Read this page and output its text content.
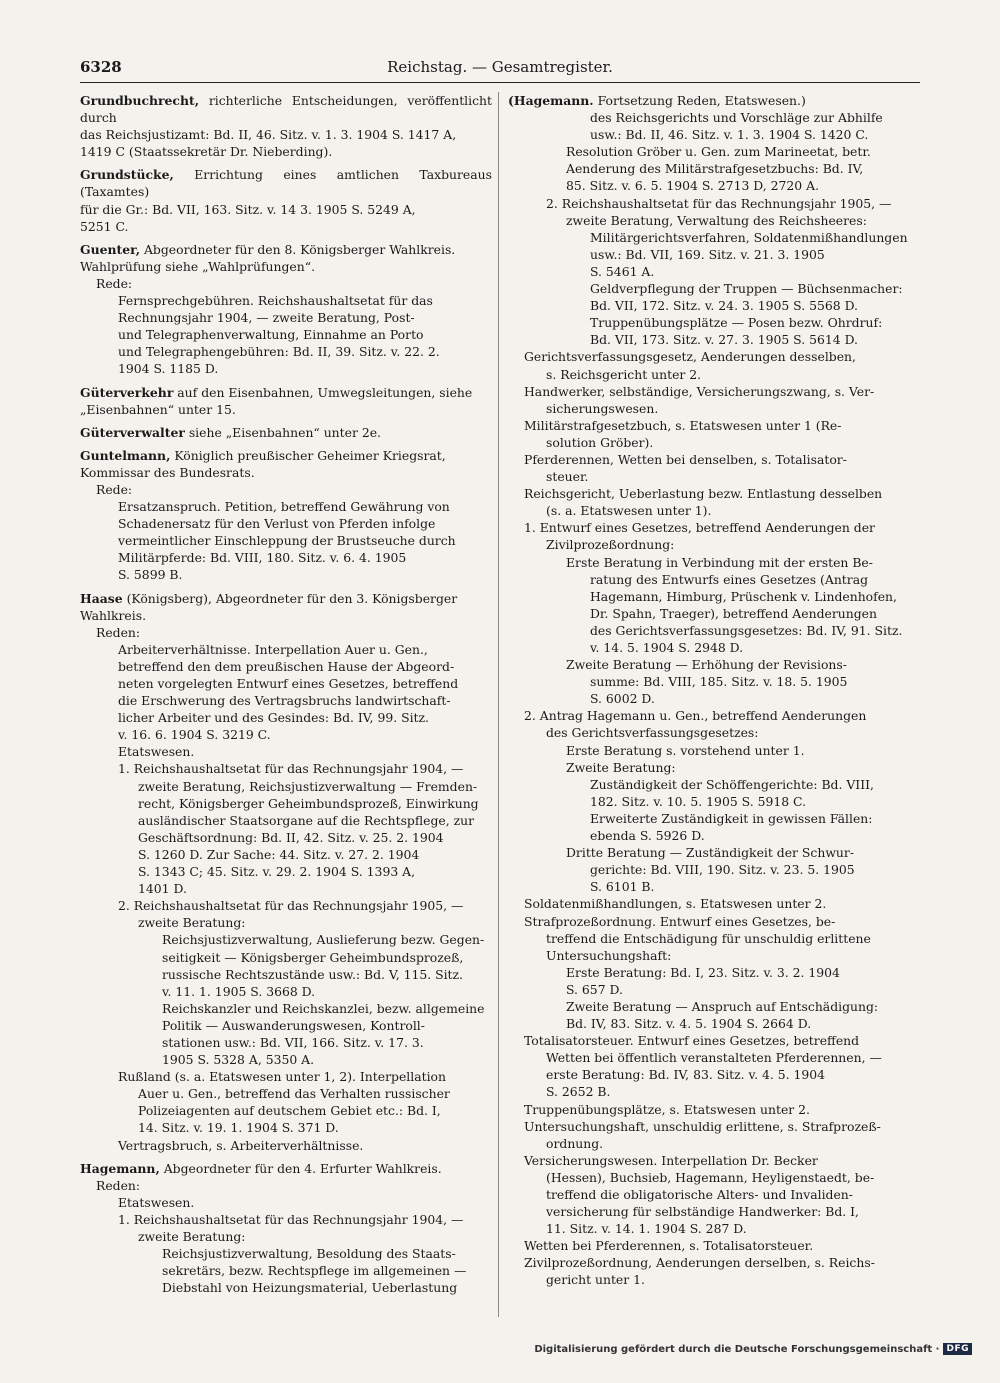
6328	Reichstag. — Gesamtregister.
Grundbuchrecht, richterliche Entscheidungen, veröffentlicht durch
das Reichsjustizamt: Bd. II, 46. Sitz. v. 1. 3. 1904 S. 1417 A,
1419 C (Staatssekretär Dr. Nieberding).
Grundstücke, Errichtung eines amtlichen Taxbureaus (Taxamtes)
für die Gr.: Bd. VII, 163. Sitz. v. 14 3. 1905 S. 5249 A,
5251 C.
Guenter, Abgeordneter für den 8. Königsberger Wahlkreis.
Wahlprüfung siehe „Wahlprüfungen“.
Rede:
Fernsprechgebühren. Reichshaushaltsetat für das
Rechnungsjahr 1904, — zweite Beratung, Post-
und Telegraphenverwaltung, Einnahme an Porto
und Telegraphengebühren: Bd. II, 39. Sitz. v. 22. 2.
1904 S. 1185 D.
Güterverkehr auf den Eisenbahnen, Umwegsleitungen, siehe
„Eisenbahnen“ unter 15.
Güterverwalter siehe „Eisenbahnen“ unter 2e.
Guntelmann, Königlich preußischer Geheimer Kriegsrat,
Kommissar des Bundesrats.
Rede:
Ersatzanspruch. Petition, betreffend Gewährung von
Schadenersatz für den Verlust von Pferden infolge
vermeintlicher Einschleppung der Brustseuche durch
Militärpferde: Bd. VIII, 180. Sitz. v. 6. 4. 1905
S. 5899 B.
Haase (Königsberg), Abgeordneter für den 3. Königsberger
Wahlkreis.
Reden:
Arbeiterverhältnisse. Interpellation Auer u. Gen.,
betreffend den dem preußischen Hause der Abgeord-
neten vorgelegten Entwurf eines Gesetzes, betreffend
die Erschwerung des Vertragsbruchs landwirtschaft-
licher Arbeiter und des Gesindes: Bd. IV, 99. Sitz.
v. 16. 6. 1904 S. 3219 C.
Etatswesen.
1. Reichshaushaltsetat für das Rechnungsjahr 1904, —
zweite Beratung, Reichsjustizverwaltung — Fremden-
recht, Königsberger Geheimbundsprozeß, Einwirkung
ausländischer Staatsorgane auf die Rechtspflege, zur
Geschäftsordnung: Bd. II, 42. Sitz. v. 25. 2. 1904
S. 1260 D. Zur Sache: 44. Sitz. v. 27. 2. 1904
S. 1343 C; 45. Sitz. v. 29. 2. 1904 S. 1393 A,
1401 D.
2. Reichshaushaltsetat für das Rechnungsjahr 1905, —
zweite Beratung:
Reichsjustizverwaltung, Auslieferung bezw. Gegen-
seitigkeit — Königsberger Geheimbundsprozeß,
russische Rechtszustände usw.: Bd. V, 115. Sitz.
v. 11. 1. 1905 S. 3668 D.
Reichskanzler und Reichskanzlei, bezw. allgemeine
Politik — Auswanderungswesen, Kontroll-
stationen usw.: Bd. VII, 166. Sitz. v. 17. 3.
1905 S. 5328 A, 5350 A.
Rußland (s. a. Etatswesen unter 1, 2). Interpellation
Auer u. Gen., betreffend das Verhalten russischer
Polizeiagenten auf deutschem Gebiet etc.: Bd. I,
14. Sitz. v. 19. 1. 1904 S. 371 D.
Vertragsbruch, s. Arbeiterverhältnisse.
Hagemann, Abgeordneter für den 4. Erfurter Wahlkreis.
Reden:
Etatswesen.
1. Reichshaushaltsetat für das Rechnungsjahr 1904, —
zweite Beratung:
Reichsjustizverwaltung, Besoldung des Staats-
sekretärs, bezw. Rechtspflege im allgemeinen —
Diebstahl von Heizungsmaterial, Ueberlastung
(Hagemann. Fortsetzung Reden, Etatswesen.)
des Reichsgerichts und Vorschläge zur Abhilfe
usw.: Bd. II, 46. Sitz. v. 1. 3. 1904 S. 1420 C.
Resolution Gröber u. Gen. zum Marineetat, betr.
Aenderung des Militärstrafgesetzbuchs: Bd. IV,
85. Sitz. v. 6. 5. 1904 S. 2713 D, 2720 A.
2. Reichshaushaltsetat für das Rechnungsjahr 1905, —
zweite Beratung, Verwaltung des Reichsheeres:
Militärgerichtsverfahren, Soldatenmißhandlungen
usw.: Bd. VII, 169. Sitz. v. 21. 3. 1905
S. 5461 A.
Geldverpflegung der Truppen — Büchsenmacher:
Bd. VII, 172. Sitz. v. 24. 3. 1905 S. 5568 D.
Truppenübungsplätze — Posen bezw. Ohrdruf:
Bd. VII, 173. Sitz. v. 27. 3. 1905 S. 5614 D.
Gerichtsverfassungsgesetz, Aenderungen desselben,
s. Reichsgericht unter 2.
Handwerker, selbständige, Versicherungszwang, s. Ver-
sicherungswesen.
Militärstrafgesetzbuch, s. Etatswesen unter 1 (Re-
solution Gröber).
Pferderennen, Wetten bei denselben, s. Totalisator-
steuer.
Reichsgericht, Ueberlastung bezw. Entlastung desselben
(s. a. Etatswesen unter 1).
1. Entwurf eines Gesetzes, betreffend Aenderungen der
Zivilprozeßordnung:
Erste Beratung in Verbindung mit der ersten Be-
ratung des Entwurfs eines Gesetzes (Antrag
Hagemann, Himburg, Prüschenk v. Lindenhofen,
Dr. Spahn, Traeger), betreffend Aenderungen
des Gerichtsverfassungsgesetzes: Bd. IV, 91. Sitz.
v. 14. 5. 1904 S. 2948 D.
Zweite Beratung — Erhöhung der Revisions-
summe: Bd. VIII, 185. Sitz. v. 18. 5. 1905
S. 6002 D.
2. Antrag Hagemann u. Gen., betreffend Aenderungen
des Gerichtsverfassungsgesetzes:
Erste Beratung s. vorstehend unter 1.
Zweite Beratung:
Zuständigkeit der Schöffengerichte: Bd. VIII,
182. Sitz. v. 10. 5. 1905 S. 5918 C.
Erweiterte Zuständigkeit in gewissen Fällen:
ebenda S. 5926 D.
Dritte Beratung — Zuständigkeit der Schwur-
gerichte: Bd. VIII, 190. Sitz. v. 23. 5. 1905
S. 6101 B.
Soldatenmißhandlungen, s. Etatswesen unter 2.
Strafprozeßordnung. Entwurf eines Gesetzes, be-
treffend die Entschädigung für unschuldig erlittene
Untersuchungshaft:
Erste Beratung: Bd. I, 23. Sitz. v. 3. 2. 1904
S. 657 D.
Zweite Beratung — Anspruch auf Entschädigung:
Bd. IV, 83. Sitz. v. 4. 5. 1904 S. 2664 D.
Totalisatorsteuer. Entwurf eines Gesetzes, betreffend
Wetten bei öffentlich veranstalteten Pferderennen, —
erste Beratung: Bd. IV, 83. Sitz. v. 4. 5. 1904
S. 2652 B.
Truppenübungsplätze, s. Etatswesen unter 2.
Untersuchungshaft, unschuldig erlittene, s. Strafprozeß-
ordnung.
Versicherungswesen. Interpellation Dr. Becker
(Hessen), Buchsieb, Hagemann, Heyligenstaedt, be-
treffend die obligatorische Alters- und Invaliden-
versicherung für selbständige Handwerker: Bd. I,
11. Sitz. v. 14. 1. 1904 S. 287 D.
Wetten bei Pferderennen, s. Totalisatorsteuer.
Zivilprozeßordnung, Aenderungen derselben, s. Reichs-
gericht unter 1.
Digitalisierung gefördert durch die Deutsche Forschungsgemeinschaft · DFG
